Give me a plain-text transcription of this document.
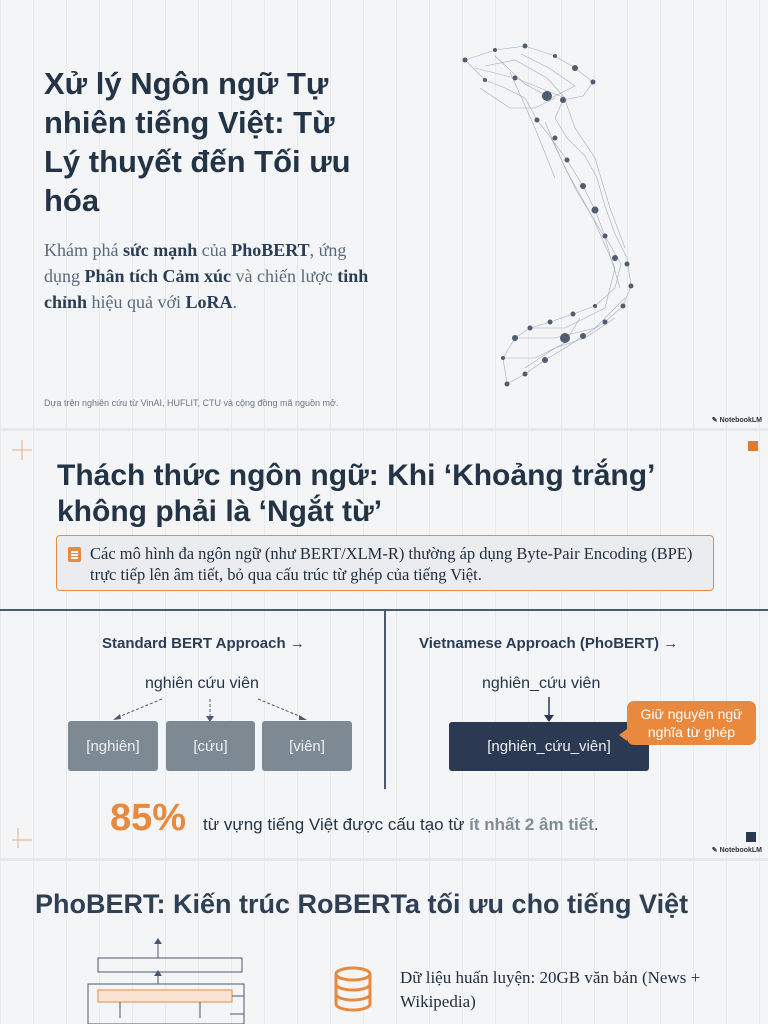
Xử lý Ngôn ngữ Tự nhiên tiếng Việt: Từ Lý thuyết đến Tối ưu hóa
Khám phá sức mạnh của PhoBERT, ứng dụng Phân tích Cảm xúc và chiến lược tinh chỉnh hiệu quả với LoRA.
Dựa trên nghiên cứu từ VinAI, HUFLIT, CTU và cộng đồng mã nguồn mở.
✎ NotebookLM
Thách thức ngôn ngữ: Khi ‘Khoảng trắng’ không phải là ‘Ngắt từ’
Các mô hình đa ngôn ngữ (như BERT/XLM-R) thường áp dụng Byte-Pair Encoding (BPE) trực tiếp lên âm tiết, bỏ qua cấu trúc từ ghép của tiếng Việt.
Standard BERT Approach →	Vietnamese Approach (PhoBERT) →
nghiên cứu viên	nghiên_cứu viên
[nghiên]	[cứu]	[viên]	[nghiên_cứu_viên]
Giữ nguyên ngữ nghĩa từ ghép
85% từ vựng tiếng Việt được cấu tạo từ ít nhất 2 âm tiết.
✎ NotebookLM
PhoBERT: Kiến trúc RoBERTa tối ưu cho tiếng Việt
Dữ liệu huấn luyện: 20GB văn bản (News + Wikipedia)
